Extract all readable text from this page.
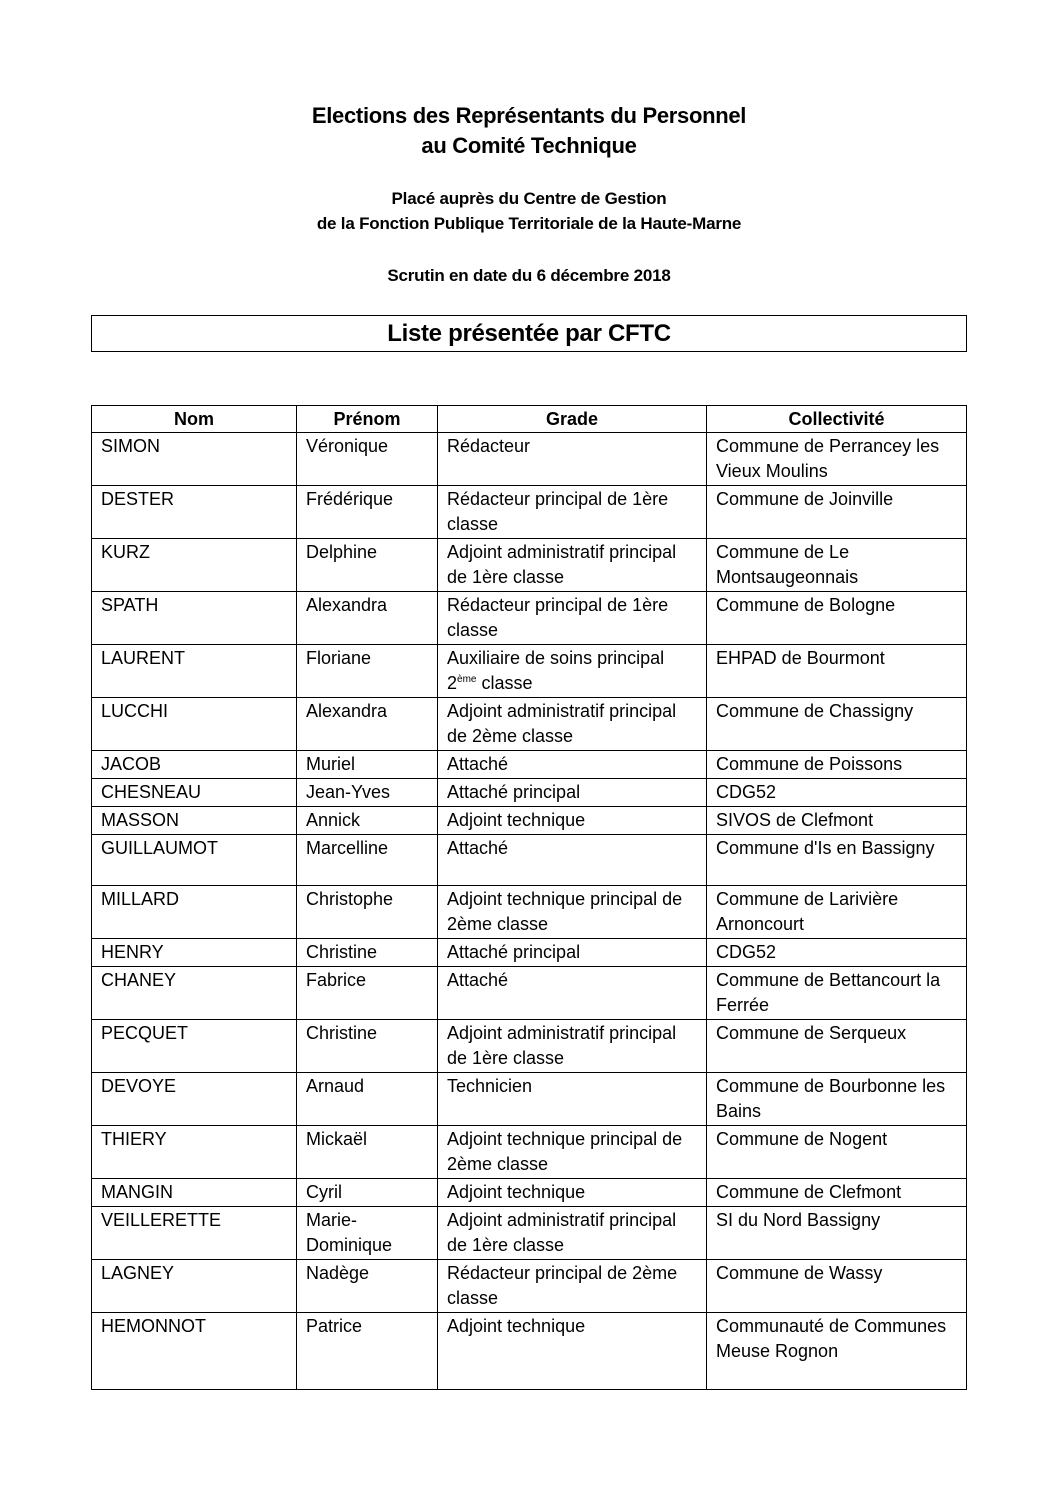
Elections des Représentants du Personnel
au Comité Technique
Placé auprès du Centre de Gestion
de la Fonction Publique Territoriale de la Haute-Marne
Scrutin en date du 6 décembre 2018
Liste présentée par CFTC
Nom	Prénom	Grade	Collectivité
SIMON	Véronique	Rédacteur	Commune de Perrancey les Vieux Moulins
DESTER	Frédérique	Rédacteur principal de 1ère classe	Commune de Joinville
KURZ	Delphine	Adjoint administratif principal de 1ère classe	Commune de Le Montsaugeonnais
SPATH	Alexandra	Rédacteur principal de 1ère classe	Commune de Bologne
LAURENT	Floriane	Auxiliaire de soins principal 2ème classe	EHPAD de Bourmont
LUCCHI	Alexandra	Adjoint administratif principal de 2ème classe	Commune de Chassigny
JACOB	Muriel	Attaché	Commune de Poissons
CHESNEAU	Jean-Yves	Attaché principal	CDG52
MASSON	Annick	Adjoint technique	SIVOS de Clefmont
GUILLAUMOT	Marcelline	Attaché	Commune d'Is en Bassigny
MILLARD	Christophe	Adjoint technique principal de 2ème classe	Commune de Larivière Arnoncourt
HENRY	Christine	Attaché principal	CDG52
CHANEY	Fabrice	Attaché	Commune de Bettancourt la Ferrée
PECQUET	Christine	Adjoint administratif principal de 1ère classe	Commune de Serqueux
DEVOYE	Arnaud	Technicien	Commune de Bourbonne les Bains
THIERY	Mickaël	Adjoint technique principal de 2ème classe	Commune de Nogent
MANGIN	Cyril	Adjoint technique	Commune de Clefmont
VEILLERETTE	Marie-Dominique	Adjoint administratif principal de 1ère classe	SI du Nord Bassigny
LAGNEY	Nadège	Rédacteur principal de 2ème classe	Commune de Wassy
HEMONNOT	Patrice	Adjoint technique	Communauté de Communes Meuse Rognon
